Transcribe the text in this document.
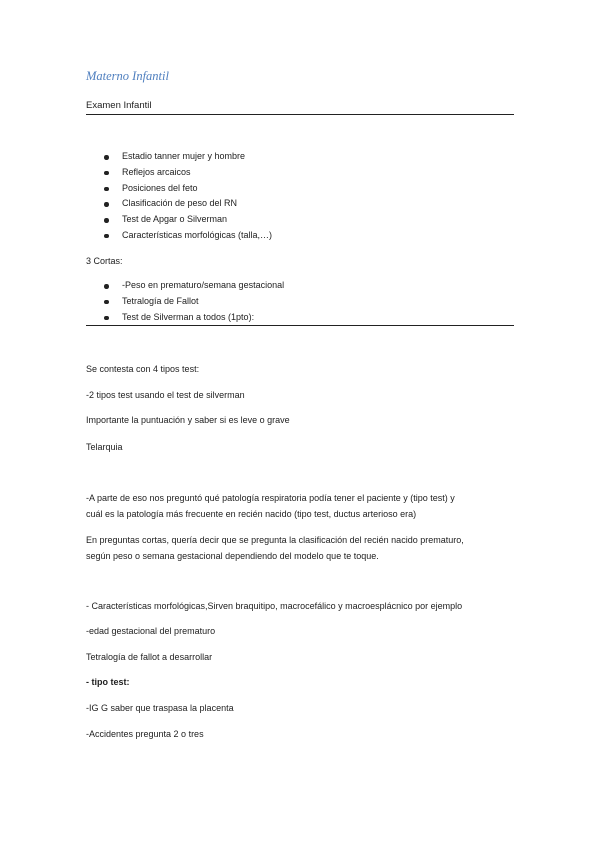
Materno Infantil
Examen Infantil
Estadio tanner mujer y hombre
Reflejos arcaicos
Posiciones del feto
Clasificación de peso del RN
Test de Apgar o Silverman
Características morfológicas (talla,…)
3 Cortas:
-Peso en prematuro/semana gestacional
Tetralogía de Fallot
Test de Silverman a todos (1pto):
Se contesta con 4 tipos test:
-2 tipos test usando el test de silverman
Importante la puntuación y saber si es leve o grave
Telarquia
-A parte de eso nos preguntó qué patología respiratoria podía tener el paciente y (tipo test) y
cuál es la patología más frecuente en recién nacido (tipo test, ductus arterioso era)
En preguntas cortas, quería decir que se pregunta la clasificación del recién nacido prematuro,
según peso o semana gestacional dependiendo del modelo que te toque.
- Características morfológicas,Sirven braquitipo, macrocefálico y macroesplácnico por ejemplo
-edad gestacional del prematuro
Tetralogía de fallot a desarrollar
- tipo test:
-IG G saber que traspasa la placenta
-Accidentes pregunta 2 o tres
